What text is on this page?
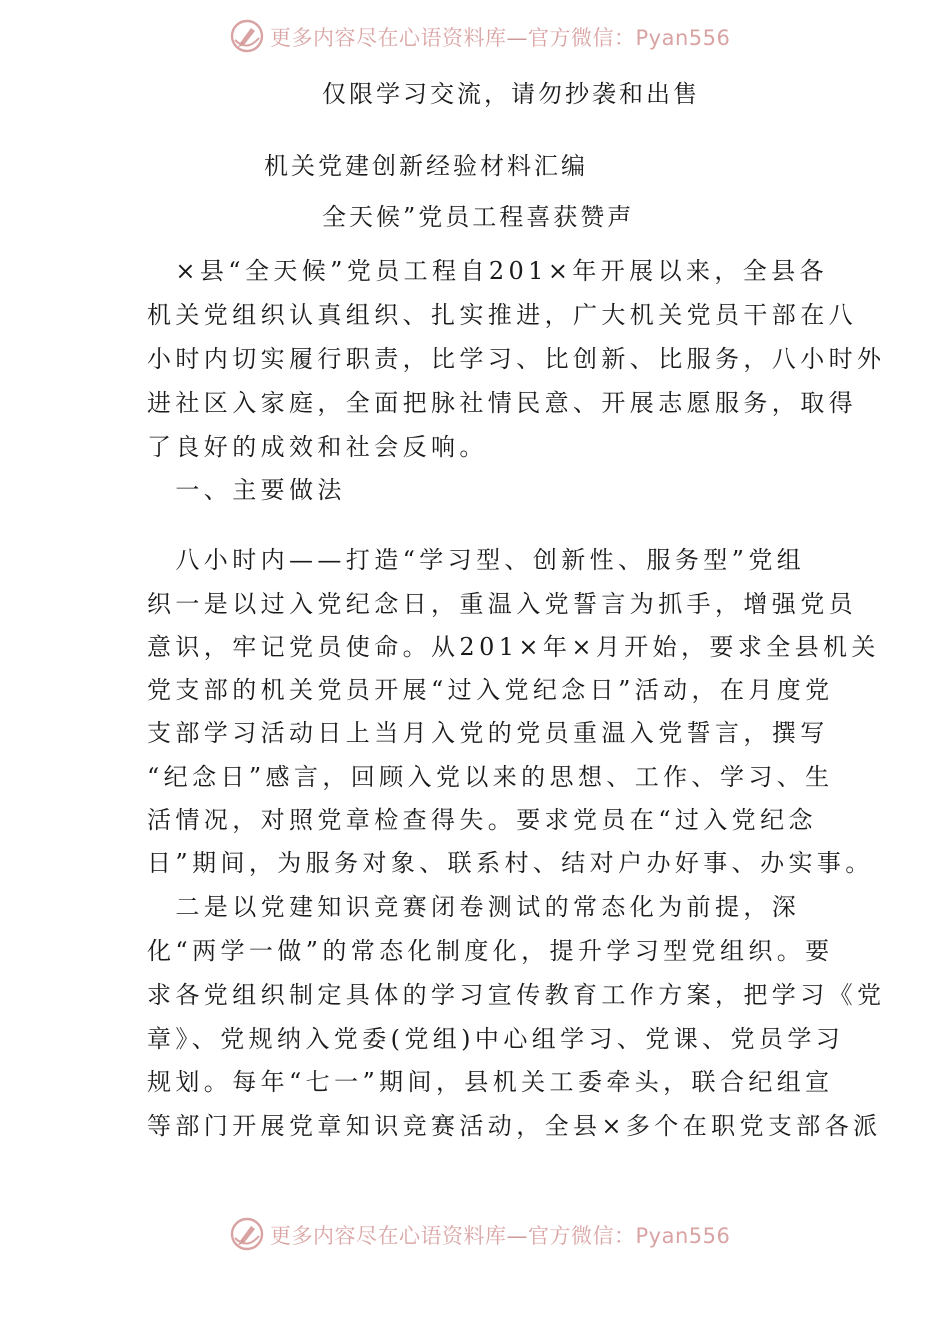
更多内容尽在心语资料库—官方微信：Pyan556
仅限学习交流，请勿抄袭和出售
机关党建创新经验材料汇编
全天候”党员工程喜获赞声
　×县“全天候”党员工程自201×年开展以来，全县各
机关党组织认真组织、扎实推进，广大机关党员干部在八
小时内切实履行职责，比学习、比创新、比服务，八小时外
进社区入家庭，全面把脉社情民意、开展志愿服务，取得
了良好的成效和社会反响。
　一、主要做法
　八小时内——打造“学习型、创新性、服务型”党组
织一是以过入党纪念日，重温入党誓言为抓手，增强党员
意识，牢记党员使命。从201×年×月开始，要求全县机关
党支部的机关党员开展“过入党纪念日”活动，在月度党
支部学习活动日上当月入党的党员重温入党誓言，撰写
“纪念日”感言，回顾入党以来的思想、工作、学习、生
活情况，对照党章检查得失。要求党员在“过入党纪念
日”期间，为服务对象、联系村、结对户办好事、办实事。
　二是以党建知识竞赛闭卷测试的常态化为前提，深
化“两学一做”的常态化制度化，提升学习型党组织。要
求各党组织制定具体的学习宣传教育工作方案，把学习《党
章》、党规纳入党委(党组)中心组学习、党课、党员学习
规划。每年“七一”期间，县机关工委牵头，联合纪组宣
等部门开展党章知识竞赛活动，全县×多个在职党支部各派
更多内容尽在心语资料库—官方微信：Pyan556
